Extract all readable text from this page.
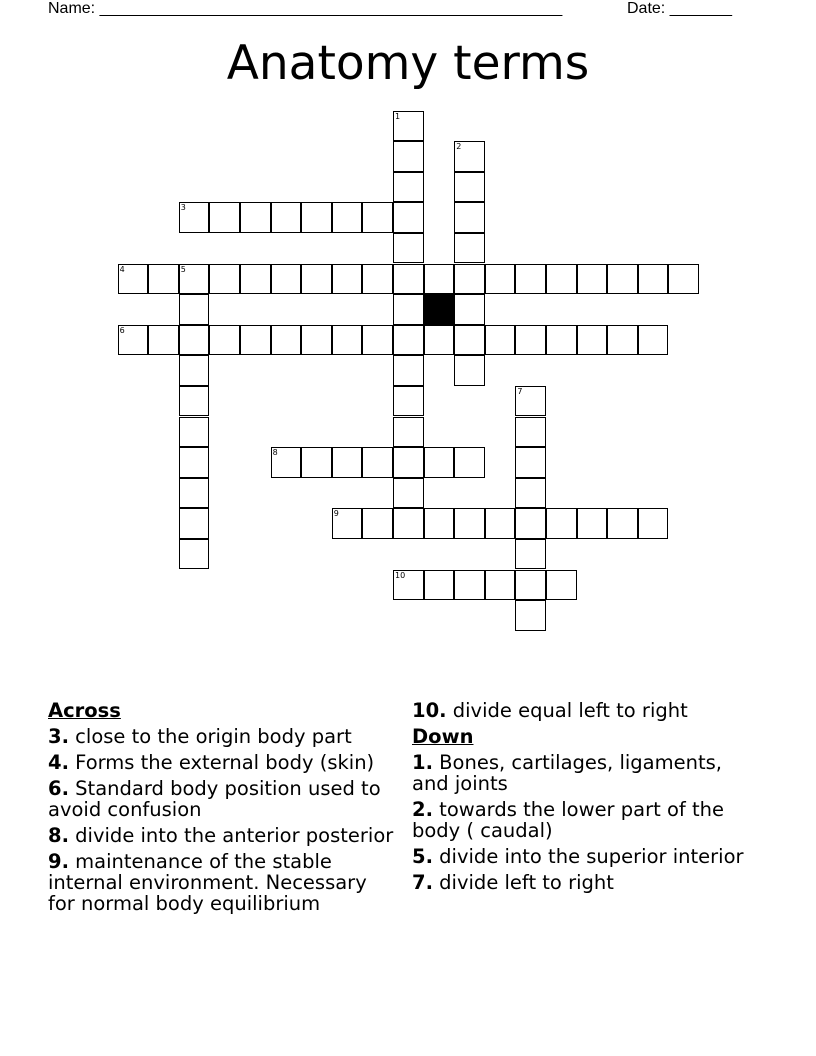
Name: ____________________________________________________	Date: _______
Anatomy terms
1
2
3
4	5
6
7
8
9
10
Across
3. close to the origin body part
4. Forms the external body (skin)
6. Standard body position used to avoid confusion
8. divide into the anterior posterior
9. maintenance of the stable internal environment. Necessary for normal body equilibrium
10. divide equal left to right
Down
1. Bones, cartilages, ligaments, and joints
2. towards the lower part of the body ( caudal)
5. divide into the superior interior
7. divide left to right
